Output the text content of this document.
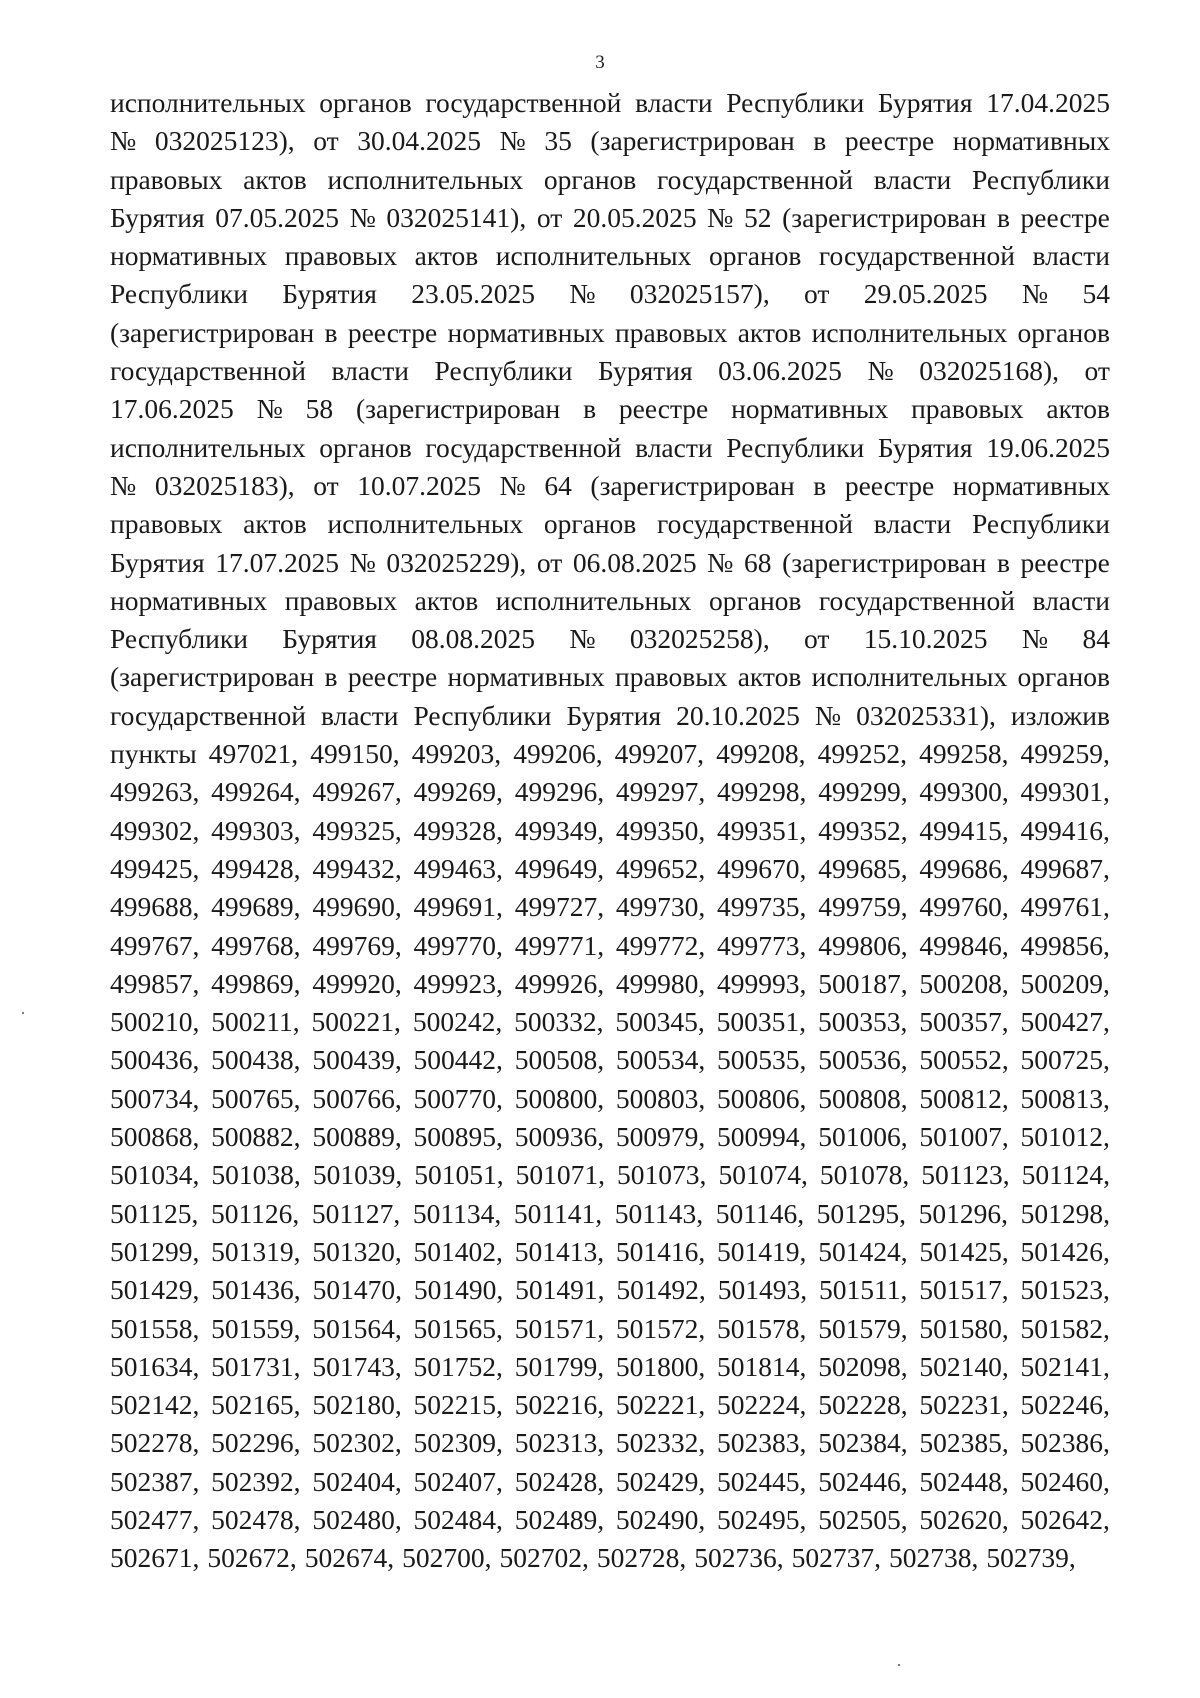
3
исполнительных органов государственной власти Республики Бурятия 17.04.2025
№ 032025123), от 30.04.2025 № 35 (зарегистрирован в реестре нормативных
правовых актов исполнительных органов государственной власти Республики
Бурятия 07.05.2025 № 032025141), от 20.05.2025 № 52 (зарегистрирован в реестре
нормативных правовых актов исполнительных органов государственной власти
Республики Бурятия 23.05.2025 № 032025157), от 29.05.2025 № 54
(зарегистрирован в реестре нормативных правовых актов исполнительных органов
государственной власти Республики Бурятия 03.06.2025 № 032025168), от
17.06.2025 № 58 (зарегистрирован в реестре нормативных правовых актов
исполнительных органов государственной власти Республики Бурятия 19.06.2025
№ 032025183), от 10.07.2025 № 64 (зарегистрирован в реестре нормативных
правовых актов исполнительных органов государственной власти Республики
Бурятия 17.07.2025 № 032025229), от 06.08.2025 № 68 (зарегистрирован в реестре
нормативных правовых актов исполнительных органов государственной власти
Республики Бурятия 08.08.2025 № 032025258), от 15.10.2025 № 84
(зарегистрирован в реестре нормативных правовых актов исполнительных органов
государственной власти Республики Бурятия 20.10.2025 № 032025331), изложив
пункты 497021, 499150, 499203, 499206, 499207, 499208, 499252, 499258, 499259,
499263, 499264, 499267, 499269, 499296, 499297, 499298, 499299, 499300, 499301,
499302, 499303, 499325, 499328, 499349, 499350, 499351, 499352, 499415, 499416,
499425, 499428, 499432, 499463, 499649, 499652, 499670, 499685, 499686, 499687,
499688, 499689, 499690, 499691, 499727, 499730, 499735, 499759, 499760, 499761,
499767, 499768, 499769, 499770, 499771, 499772, 499773, 499806, 499846, 499856,
499857, 499869, 499920, 499923, 499926, 499980, 499993, 500187, 500208, 500209,
500210, 500211, 500221, 500242, 500332, 500345, 500351, 500353, 500357, 500427,
500436, 500438, 500439, 500442, 500508, 500534, 500535, 500536, 500552, 500725,
500734, 500765, 500766, 500770, 500800, 500803, 500806, 500808, 500812, 500813,
500868, 500882, 500889, 500895, 500936, 500979, 500994, 501006, 501007, 501012,
501034, 501038, 501039, 501051, 501071, 501073, 501074, 501078, 501123, 501124,
501125, 501126, 501127, 501134, 501141, 501143, 501146, 501295, 501296, 501298,
501299, 501319, 501320, 501402, 501413, 501416, 501419, 501424, 501425, 501426,
501429, 501436, 501470, 501490, 501491, 501492, 501493, 501511, 501517, 501523,
501558, 501559, 501564, 501565, 501571, 501572, 501578, 501579, 501580, 501582,
501634, 501731, 501743, 501752, 501799, 501800, 501814, 502098, 502140, 502141,
502142, 502165, 502180, 502215, 502216, 502221, 502224, 502228, 502231, 502246,
502278, 502296, 502302, 502309, 502313, 502332, 502383, 502384, 502385, 502386,
502387, 502392, 502404, 502407, 502428, 502429, 502445, 502446, 502448, 502460,
502477, 502478, 502480, 502484, 502489, 502490, 502495, 502505, 502620, 502642,
502671, 502672, 502674, 502700, 502702, 502728, 502736, 502737, 502738, 502739,
